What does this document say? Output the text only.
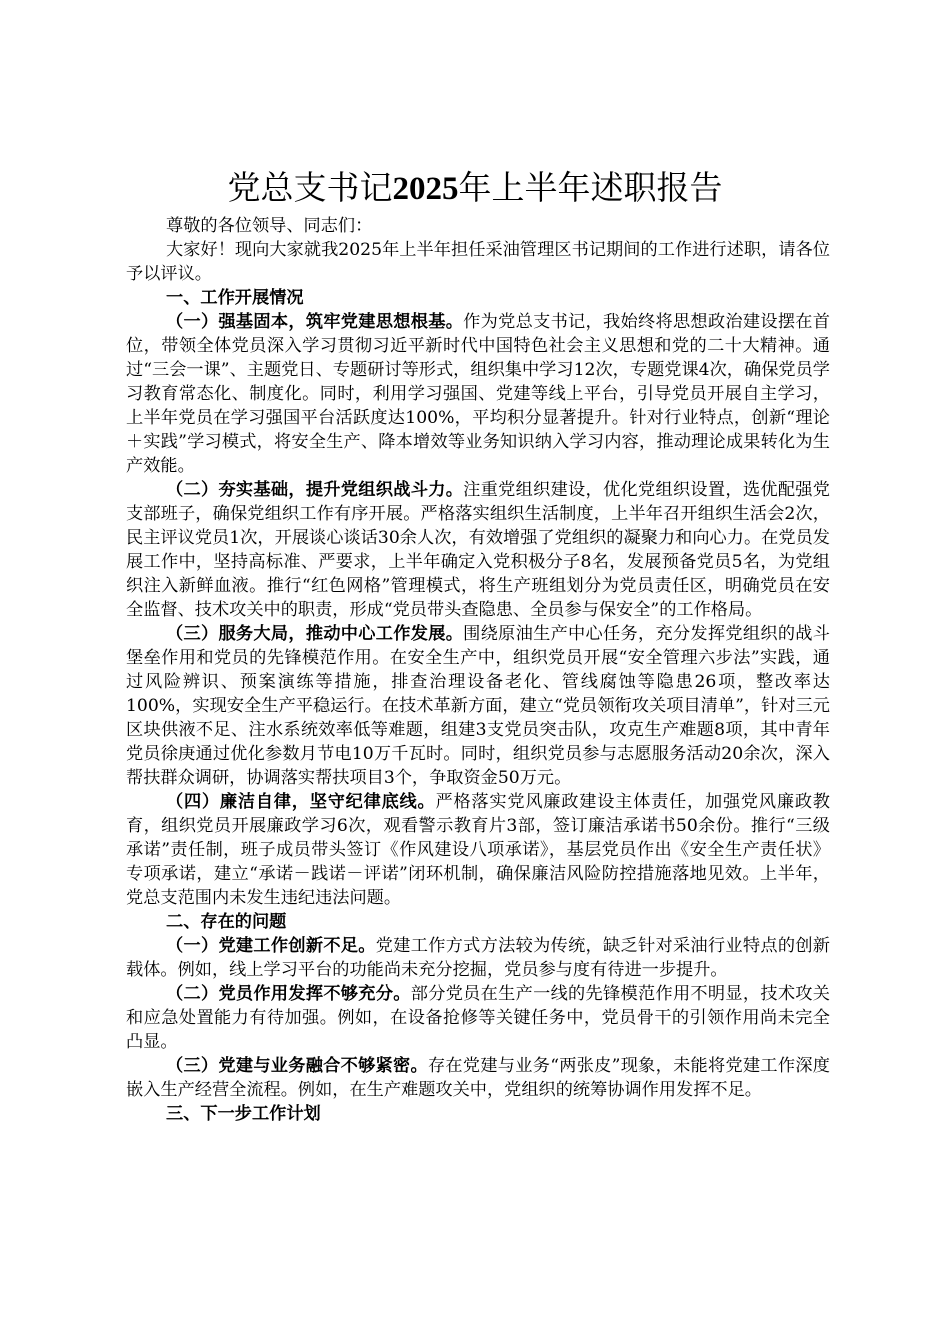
党总支书记2025年上半年述职报告

尊敬的各位领导、同志们：

大家好！现向大家就我2025年上半年担任采油管理区书记期间的工作进行述职，请各位予以评议。

一、工作开展情况

（一）强基固本，筑牢党建思想根基。作为党总支书记，我始终将思想政治建设摆在首位，带领全体党员深入学习贯彻习近平新时代中国特色社会主义思想和党的二十大精神。通过“三会一课”、主题党日、专题研讨等形式，组织集中学习12次，专题党课4次，确保党员学习教育常态化、制度化。同时，利用学习强国、党建等线上平台，引导党员开展自主学习，上半年党员在学习强国平台活跃度达100%，平均积分显著提升。针对行业特点，创新“理论＋实践”学习模式，将安全生产、降本增效等业务知识纳入学习内容，推动理论成果转化为生产效能。

（二）夯实基础，提升党组织战斗力。注重党组织建设，优化党组织设置，选优配强党支部班子，确保党组织工作有序开展。严格落实组织生活制度，上半年召开组织生活会2次，民主评议党员1次，开展谈心谈话30余人次，有效增强了党组织的凝聚力和向心力。在党员发展工作中，坚持高标准、严要求，上半年确定入党积极分子8名，发展预备党员5名，为党组织注入新鲜血液。推行“红色网格”管理模式，将生产班组划分为党员责任区，明确党员在安全监督、技术攻关中的职责，形成“党员带头查隐患、全员参与保安全”的工作格局。

（三）服务大局，推动中心工作发展。围绕原油生产中心任务，充分发挥党组织的战斗堡垒作用和党员的先锋模范作用。在安全生产中，组织党员开展“安全管理六步法”实践，通过风险辨识、预案演练等措施，排查治理设备老化、管线腐蚀等隐患26项，整改率达100%，实现安全生产平稳运行。在技术革新方面，建立“党员领衔攻关项目清单”，针对三元区块供液不足、注水系统效率低等难题，组建3支党员突击队，攻克生产难题8项，其中青年党员徐庚通过优化参数月节电10万千瓦时。同时，组织党员参与志愿服务活动20余次，深入帮扶群众调研，协调落实帮扶项目3个，争取资金50万元。

（四）廉洁自律，坚守纪律底线。严格落实党风廉政建设主体责任，加强党风廉政教育，组织党员开展廉政学习6次，观看警示教育片3部，签订廉洁承诺书50余份。推行“三级承诺”责任制，班子成员带头签订《作风建设八项承诺》，基层党员作出《安全生产责任状》专项承诺，建立“承诺－践诺－评诺”闭环机制，确保廉洁风险防控措施落地见效。上半年，党总支范围内未发生违纪违法问题。

二、存在的问题

（一）党建工作创新不足。党建工作方式方法较为传统，缺乏针对采油行业特点的创新载体。例如，线上学习平台的功能尚未充分挖掘，党员参与度有待进一步提升。

（二）党员作用发挥不够充分。部分党员在生产一线的先锋模范作用不明显，技术攻关和应急处置能力有待加强。例如，在设备抢修等关键任务中，党员骨干的引领作用尚未完全凸显。

（三）党建与业务融合不够紧密。存在党建与业务“两张皮”现象，未能将党建工作深度嵌入生产经营全流程。例如，在生产难题攻关中，党组织的统筹协调作用发挥不足。

三、下一步工作计划
